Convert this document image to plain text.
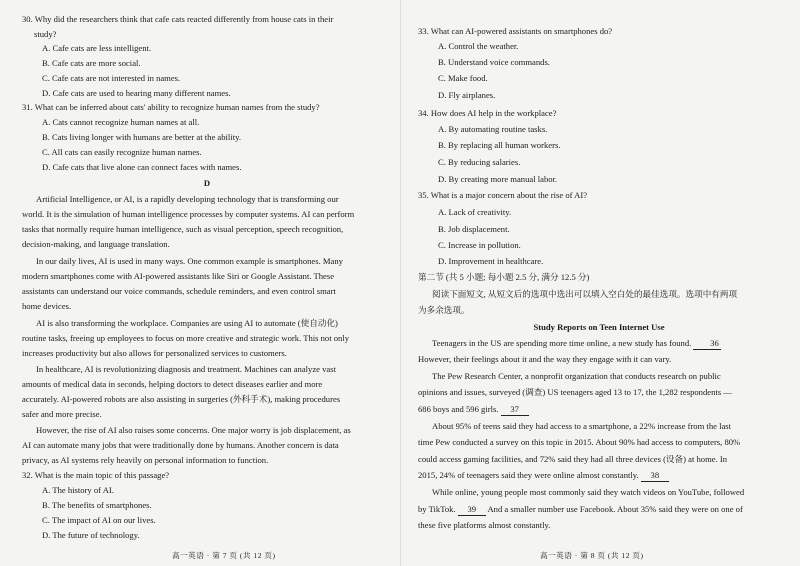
30. Why did the researchers think that cafe cats reacted differently from house cats in their
study?
A. Cafe cats are less intelligent.
B. Cafe cats are more social.
C. Cafe cats are not interested in names.
D. Cafe cats are used to hearing many different names.
31. What can be inferred about cats' ability to recognize human names from the study?
A. Cats cannot recognize human names at all.
B. Cats living longer with humans are better at the ability.
C. All cats can easily recognize human names.
D. Cafe cats that live alone can connect faces with names.
D
Artificial Intelligence, or AI, is a rapidly developing technology that is transforming our
world. It is the simulation of human intelligence processes by computer systems. AI can perform
tasks that normally require human intelligence, such as visual perception, speech recognition,
decision-making, and language translation.
In our daily lives, AI is used in many ways. One common example is smartphones. Many
modern smartphones come with AI-powered assistants like Siri or Google Assistant. These
assistants can understand our voice commands, schedule reminders, and even control smart
home devices.
AI is also transforming the workplace. Companies are using AI to automate (使自动化)
routine tasks, freeing up employees to focus on more creative and strategic work. This not only
increases productivity but also allows for personalized services to customers.
In healthcare, AI is revolutionizing diagnosis and treatment. Machines can analyze vast
amounts of medical data in seconds, helping doctors to detect diseases earlier and more
accurately. AI-powered robots are also assisting in surgeries (外科手术), making procedures
safer and more precise.
However, the rise of AI also raises some concerns. One major worry is job displacement, as
AI can automate many jobs that were traditionally done by humans. Another concern is data
privacy, as AI systems rely heavily on personal information to function.
32. What is the main topic of this passage?
A. The history of AI.
B. The benefits of smartphones.
C. The impact of AI on our lives.
D. The future of technology.
高一英语 · 第 7 页 (共 12 页)
33. What can AI-powered assistants on smartphones do?
A. Control the weather.
B. Understand voice commands.
C. Make food.
D. Fly airplanes.
34. How does AI help in the workplace?
A. By automating routine tasks.
B. By replacing all human workers.
C. By reducing salaries.
D. By creating more manual labor.
35. What is a major concern about the rise of AI?
A. Lack of creativity.
B. Job displacement.
C. Increase in pollution.
D. Improvement in healthcare.
第二节 (共 5 小题; 每小题 2.5 分, 满分 12.5 分)
阅读下面短文, 从短文后的选项中选出可以填入空白处的最佳选项。选项中有两项
为多余选项。
Study Reports on Teen Internet Use
Teenagers in the US are spending more time online, a new study has found. 36
However, their feelings about it and the way they engage with it can vary.
The Pew Research Center, a nonprofit organization that conducts research on public
opinions and issues, surveyed (调查) US teenagers aged 13 to 17, the 1,282 respondents —
686 boys and 596 girls. 37
About 95% of teens said they had access to a smartphone, a 22% increase from the last
time Pew conducted a survey on this topic in 2015. About 90% had access to computers, 80%
could access gaming facilities, and 72% said they had all three devices (设备) at home. In
2015, 24% of teenagers said they were online almost constantly. 38
While online, young people most commonly said they watch videos on YouTube, followed
by TikTok. 39 And a smaller number use Facebook. About 35% said they were on one of
these five platforms almost constantly.
高一英语 · 第 8 页 (共 12 页)
